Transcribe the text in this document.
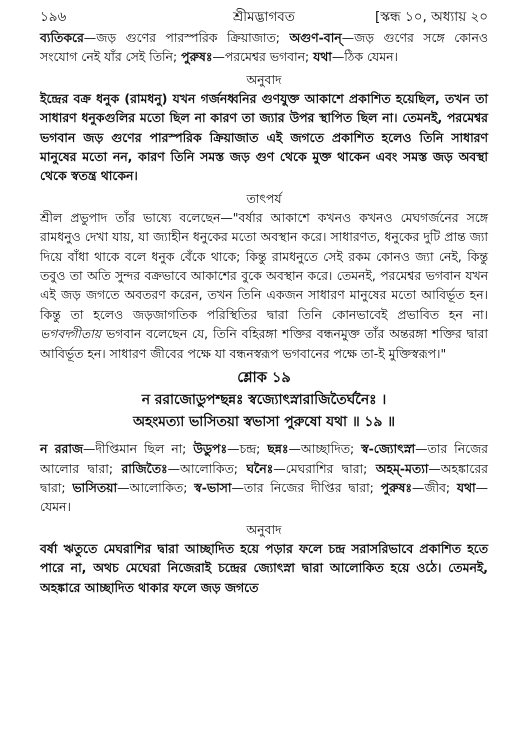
১৯৬	শ্রীমদ্ভাগবত	[স্কন্ধ ১০, অধ্যায় ২০

ব্যতিকরে—জড় গুণের পারস্পরিক ক্রিয়াজাত; অগুণ-বান্‌—জড় গুণের সঙ্গে কোনও সংযোগ নেই যাঁর সেই তিনি; পুরুষঃ—পরমেশ্বর ভগবান; যথা—ঠিক যেমন।

অনুবাদ

ইন্দ্রের বক্র ধনুক (রামধনু) যখন গর্জনধ্বনির গুণযুক্ত আকাশে প্রকাশিত হয়েছিল, তখন তা সাধারণ ধনুকগুলির মতো ছিল না কারণ তা জ্যার উপর স্থাপিত ছিল না। তেমনই, পরমেশ্বর ভগবান জড় গুণের পারস্পরিক ক্রিয়াজাত এই জগতে প্রকাশিত হলেও তিনি সাধারণ মানুষের মতো নন, কারণ তিনি সমস্ত জড় গুণ থেকে মুক্ত থাকেন এবং সমস্ত জড় অবস্থা থেকে স্বতন্ত্র থাকেন।

তাৎপর্য

শ্রীল প্রভুপাদ তাঁর ভাষ্যে বলেছেন—"বর্ষার আকাশে কখনও কখনও মেঘগর্জনের সঙ্গে রামধনুও দেখা যায়, যা জ্যাহীন ধনুকের মতো অবস্থান করে। সাধারণত, ধনুকের দুটি প্রান্ত জ্যা দিয়ে বাঁধা থাকে বলে ধনুক বেঁকে থাকে; কিন্তু রামধনুতে সেই রকম কোনও জ্যা নেই, কিন্তু তবুও তা অতি সুন্দর বক্রভাবে আকাশের বুকে অবস্থান করে। তেমনই, পরমেশ্বর ভগবান যখন এই জড় জগতে অবতরণ করেন, তখন তিনি একজন সাধারণ মানুষের মতো আবির্ভূত হন। কিন্তু তা হলেও জড়জাগতিক পরিস্থিতির দ্বারা তিনি কোনভাবেই প্রভাবিত হন না। ভগবদ্গীতায় ভগবান বলেছেন যে, তিনি বহিরঙ্গা শক্তির বন্ধনমুক্ত তাঁর অন্তরঙ্গা শক্তির দ্বারা আবির্ভূত হন। সাধারণ জীবের পক্ষে যা বন্ধনস্বরূপ ভগবানের পক্ষে তা-ই মুক্তিস্বরূপ।"

শ্লোক ১৯
ন ররাজোডুপশ্ছন্নঃ স্বজ্যোৎস্নারাজিতৈর্ঘনৈঃ ।
অহংমত্যা ভাসিতয়া স্বভাসা পুরুষো যথা ॥ ১৯ ॥

ন ররাজ—দীপ্তিমান ছিল না; উডুপঃ—চন্দ্র; ছন্নঃ—আচ্ছাদিত; স্ব-জ্যোৎস্না—তার নিজের আলোর দ্বারা; রাজিতৈঃ—আলোকিত; ঘনৈঃ—মেঘরাশির দ্বারা; অহম্‌-মত্যা—অহঙ্কারের দ্বারা; ভাসিতয়া—আলোকিত; স্ব-ভাসা—তার নিজের দীপ্তির দ্বারা; পুরুষঃ—জীব; যথা—যেমন।

অনুবাদ

বর্ষা ঋতুতে মেঘরাশির দ্বারা আচ্ছাদিত হয়ে পড়ার ফলে চন্দ্র সরাসরিভাবে প্রকাশিত হতে পারে না, অথচ মেঘেরা নিজেরাই চন্দ্রের জ্যোৎস্না দ্বারা আলোকিত হয়ে ওঠে। তেমনই, অহঙ্কারে আচ্ছাদিত থাকার ফলে জড় জগতে
